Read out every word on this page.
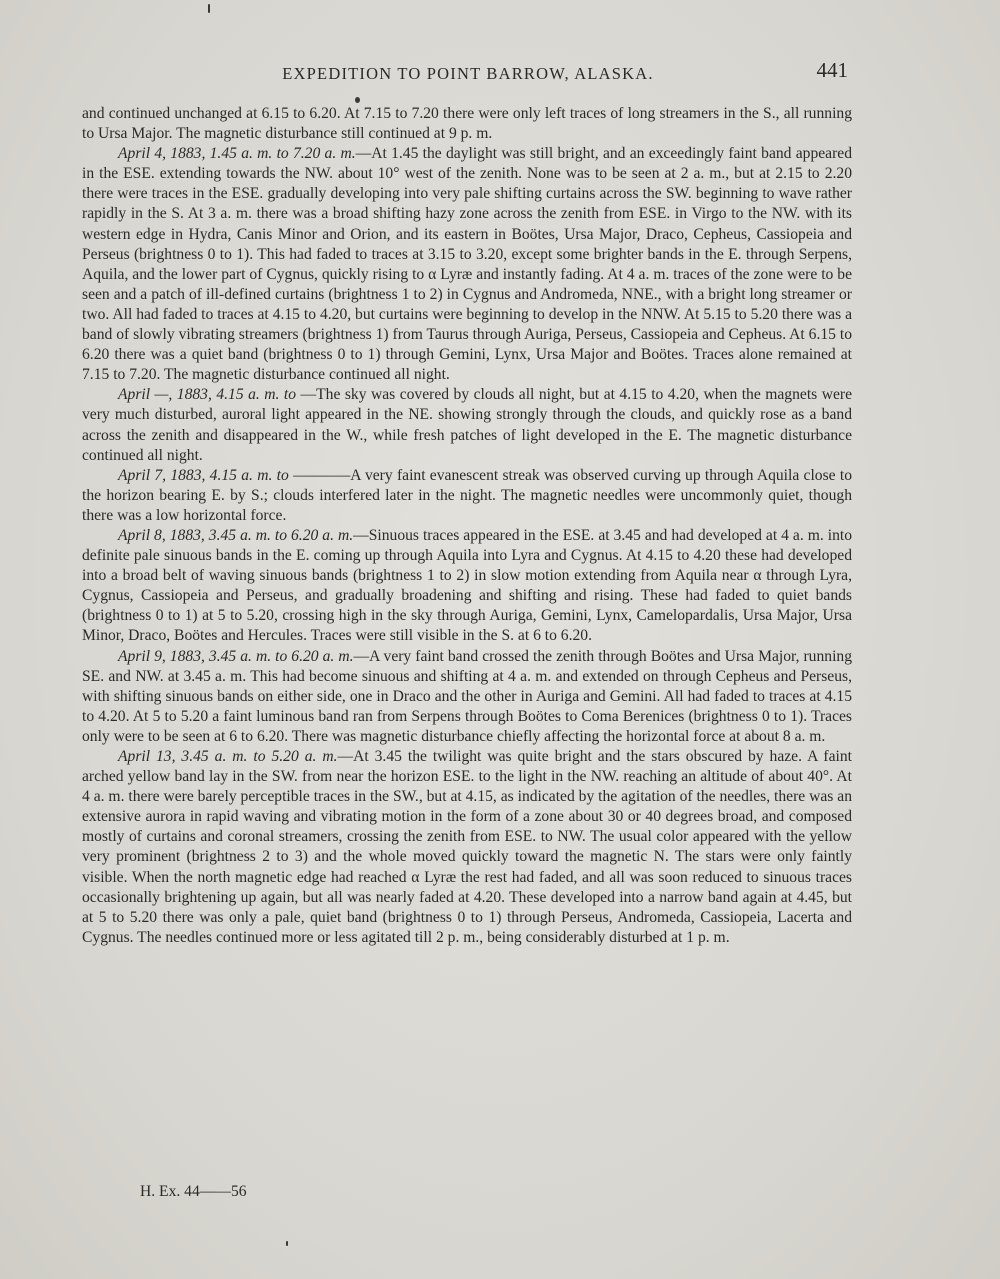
EXPEDITION TO POINT BARROW, ALASKA.	441

and continued unchanged at 6.15 to 6.20. At 7.15 to 7.20 there were only left traces of long streamers in the S., all running to Ursa Major. The magnetic disturbance still continued at 9 p. m.

April 4, 1883, 1.45 a. m. to 7.20 a. m.—At 1.45 the daylight was still bright, and an exceedingly faint band appeared in the ESE. extending towards the NW. about 10° west of the zenith. None was to be seen at 2 a. m., but at 2.15 to 2.20 there were traces in the ESE. gradually developing into very pale shifting curtains across the SW. beginning to wave rather rapidly in the S. At 3 a. m. there was a broad shifting hazy zone across the zenith from ESE. in Virgo to the NW. with its western edge in Hydra, Canis Minor and Orion, and its eastern in Boötes, Ursa Major, Draco, Cepheus, Cassiopeia and Perseus (brightness 0 to 1). This had faded to traces at 3.15 to 3.20, except some brighter bands in the E. through Serpens, Aquila, and the lower part of Cygnus, quickly rising to α Lyræ and instantly fading. At 4 a. m. traces of the zone were to be seen and a patch of ill-defined curtains (brightness 1 to 2) in Cygnus and Andromeda, NNE., with a bright long streamer or two. All had faded to traces at 4.15 to 4.20, but curtains were beginning to develop in the NNW. At 5.15 to 5.20 there was a band of slowly vibrating streamers (brightness 1) from Taurus through Auriga, Perseus, Cassiopeia and Cepheus. At 6.15 to 6.20 there was a quiet band (brightness 0 to 1) through Gemini, Lynx, Ursa Major and Boötes. Traces alone remained at 7.15 to 7.20. The magnetic disturbance continued all night.

April —, 1883, 4.15 a. m. to —The sky was covered by clouds all night, but at 4.15 to 4.20, when the magnets were very much disturbed, auroral light appeared in the NE. showing strongly through the clouds, and quickly rose as a band across the zenith and disappeared in the W., while fresh patches of light developed in the E. The magnetic disturbance continued all night.

April 7, 1883, 4.15 a. m. to ————A very faint evanescent streak was observed curving up through Aquila close to the horizon bearing E. by S.; clouds interfered later in the night. The magnetic needles were uncommonly quiet, though there was a low horizontal force.

April 8, 1883, 3.45 a. m. to 6.20 a. m.—Sinuous traces appeared in the ESE. at 3.45 and had developed at 4 a. m. into definite pale sinuous bands in the E. coming up through Aquila into Lyra and Cygnus. At 4.15 to 4.20 these had developed into a broad belt of waving sinuous bands (brightness 1 to 2) in slow motion extending from Aquila near α through Lyra, Cygnus, Cassiopeia and Perseus, and gradually broadening and shifting and rising. These had faded to quiet bands (brightness 0 to 1) at 5 to 5.20, crossing high in the sky through Auriga, Gemini, Lynx, Camelopardalis, Ursa Major, Ursa Minor, Draco, Boötes and Hercules. Traces were still visible in the S. at 6 to 6.20.

April 9, 1883, 3.45 a. m. to 6.20 a. m.—A very faint band crossed the zenith through Boötes and Ursa Major, running SE. and NW. at 3.45 a. m. This had become sinuous and shifting at 4 a. m. and extended on through Cepheus and Perseus, with shifting sinuous bands on either side, one in Draco and the other in Auriga and Gemini. All had faded to traces at 4.15 to 4.20. At 5 to 5.20 a faint luminous band ran from Serpens through Boötes to Coma Berenices (brightness 0 to 1). Traces only were to be seen at 6 to 6.20. There was magnetic disturbance chiefly affecting the horizontal force at about 8 a. m.

April 13, 3.45 a. m. to 5.20 a. m.—At 3.45 the twilight was quite bright and the stars obscured by haze. A faint arched yellow band lay in the SW. from near the horizon ESE. to the light in the NW. reaching an altitude of about 40°. At 4 a. m. there were barely perceptible traces in the SW., but at 4.15, as indicated by the agitation of the needles, there was an extensive aurora in rapid waving and vibrating motion in the form of a zone about 30 or 40 degrees broad, and composed mostly of curtains and coronal streamers, crossing the zenith from ESE. to NW. The usual color appeared with the yellow very prominent (brightness 2 to 3) and the whole moved quickly toward the magnetic N. The stars were only faintly visible. When the north magnetic edge had reached α Lyræ the rest had faded, and all was soon reduced to sinuous traces occasionally brightening up again, but all was nearly faded at 4.20. These developed into a narrow band again at 4.45, but at 5 to 5.20 there was only a pale, quiet band (brightness 0 to 1) through Perseus, Andromeda, Cassiopeia, Lacerta and Cygnus. The needles continued more or less agitated till 2 p. m., being considerably disturbed at 1 p. m.

H. Ex. 44——56
